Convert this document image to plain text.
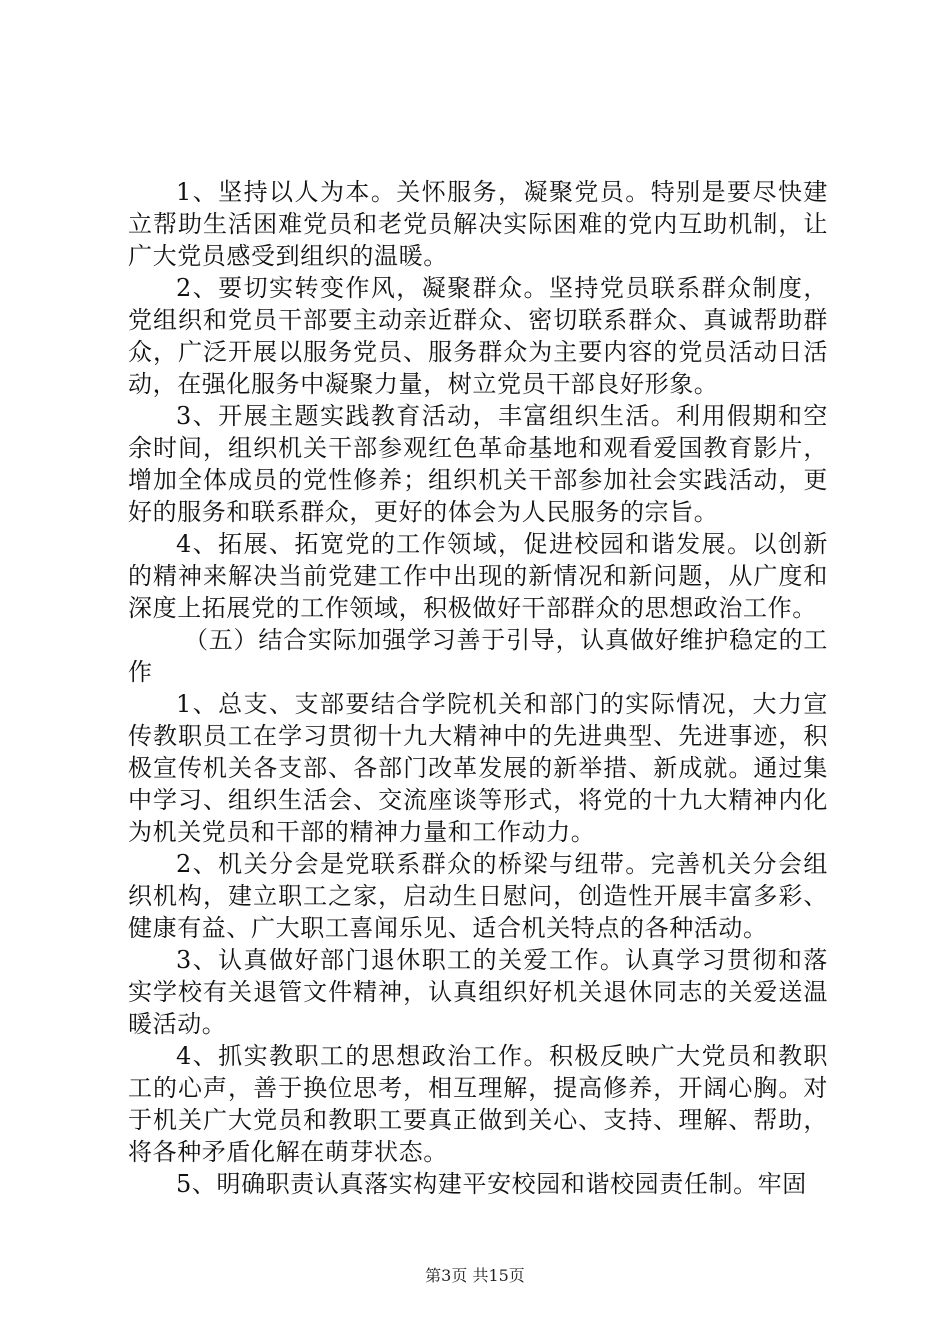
1、坚持以人为本。关怀服务，凝聚党员。特别是要尽快建立帮助生活困难党员和老党员解决实际困难的党内互助机制，让广大党员感受到组织的温暖。

2、要切实转变作风，凝聚群众。坚持党员联系群众制度，党组织和党员干部要主动亲近群众、密切联系群众、真诚帮助群众，广泛开展以服务党员、服务群众为主要内容的党员活动日活动，在强化服务中凝聚力量，树立党员干部良好形象。

3、开展主题实践教育活动，丰富组织生活。利用假期和空余时间，组织机关干部参观红色革命基地和观看爱国教育影片，增加全体成员的党性修养；组织机关干部参加社会实践活动，更好的服务和联系群众，更好的体会为人民服务的宗旨。

4、拓展、拓宽党的工作领域，促进校园和谐发展。以创新的精神来解决当前党建工作中出现的新情况和新问题，从广度和深度上拓展党的工作领域，积极做好干部群众的思想政治工作。

（五）结合实际加强学习善于引导，认真做好维护稳定的工作

1、总支、支部要结合学院机关和部门的实际情况，大力宣传教职员工在学习贯彻十九大精神中的先进典型、先进事迹，积极宣传机关各支部、各部门改革发展的新举措、新成就。通过集中学习、组织生活会、交流座谈等形式，将党的十九大精神内化为机关党员和干部的精神力量和工作动力。

2、机关分会是党联系群众的桥梁与纽带。完善机关分会组织机构，建立职工之家，启动生日慰问，创造性开展丰富多彩、健康有益、广大职工喜闻乐见、适合机关特点的各种活动。

3、认真做好部门退休职工的关爱工作。认真学习贯彻和落实学校有关退管文件精神，认真组织好机关退休同志的关爱送温暖活动。

4、抓实教职工的思想政治工作。积极反映广大党员和教职工的心声，善于换位思考，相互理解，提高修养，开阔心胸。对于机关广大党员和教职工要真正做到关心、支持、理解、帮助，将各种矛盾化解在萌芽状态。

5、明确职责认真落实构建平安校园和谐校园责任制。牢固

第3页 共15页
